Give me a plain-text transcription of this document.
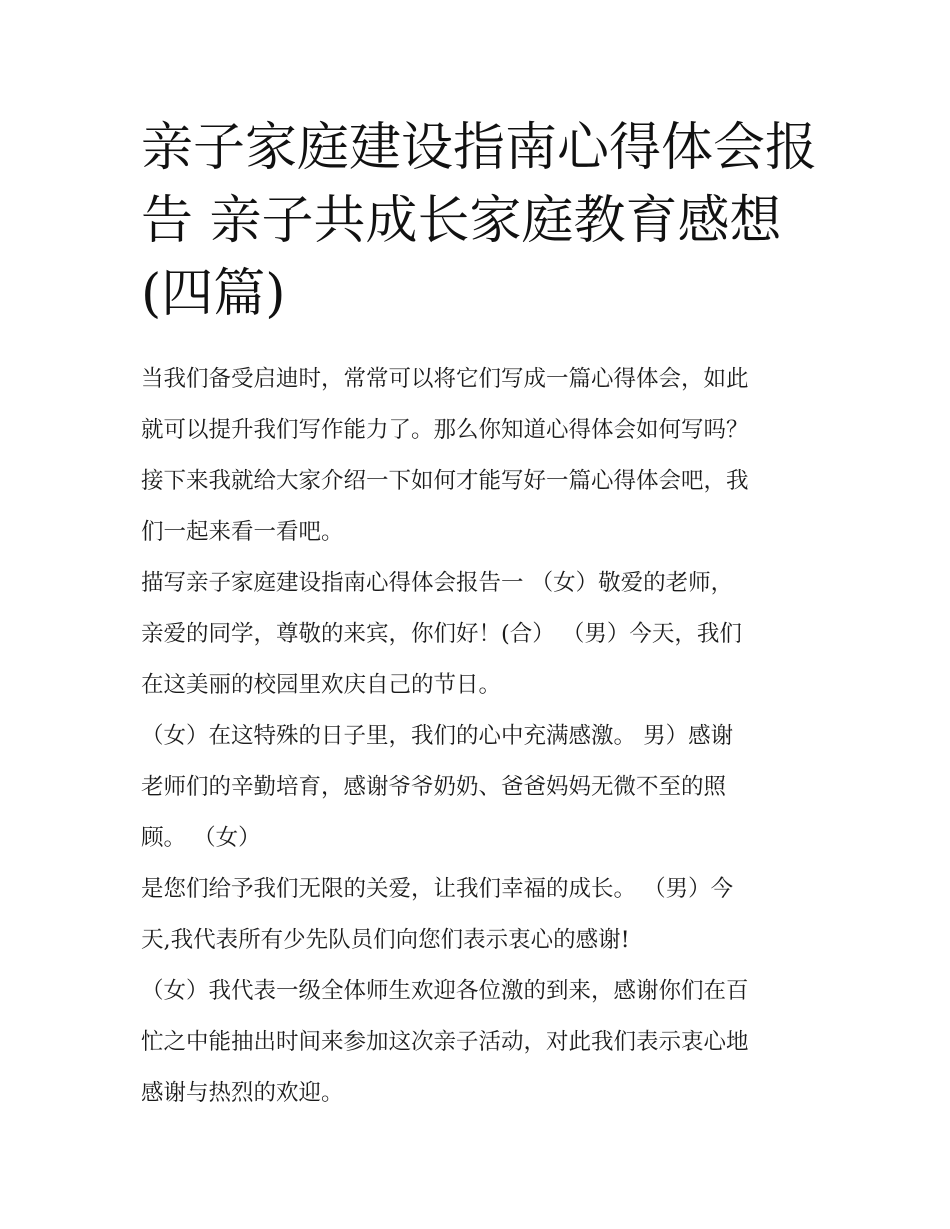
亲子家庭建设指南心得体会报
告 亲子共成长家庭教育感想
(四篇)
当我们备受启迪时，常常可以将它们写成一篇心得体会，如此
就可以提升我们写作能力了。那么你知道心得体会如何写吗？
接下来我就给大家介绍一下如何才能写好一篇心得体会吧，我
们一起来看一看吧。
描写亲子家庭建设指南心得体会报告一 （女）敬爱的老师，
亲爱的同学，尊敬的来宾，你们好！(合） （男）今天，我们
在这美丽的校园里欢庆自己的节日。
（女）在这特殊的日子里，我们的心中充满感激。 男）感谢
老师们的辛勤培育，感谢爷爷奶奶、爸爸妈妈无微不至的照
顾。 （女）
是您们给予我们无限的关爱，让我们幸福的成长。 （男）今
天,我代表所有少先队员们向您们表示衷心的感谢!
（女）我代表一级全体师生欢迎各位激的到来，感谢你们在百
忙之中能抽出时间来参加这次亲子活动，对此我们表示衷心地
感谢与热烈的欢迎。
